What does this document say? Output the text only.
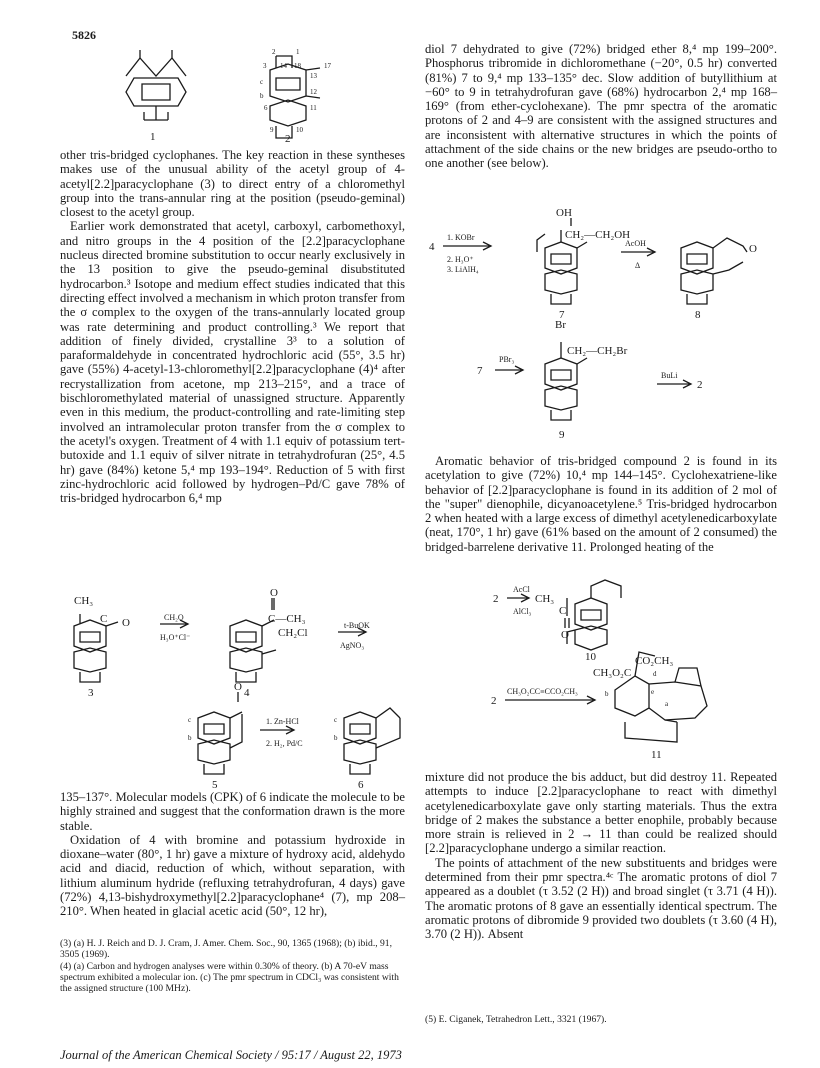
5826
1	2
2	1
3 14 18	17
13
12
c
b
6	11
9	10

other tris-bridged cyclophanes. The key reaction in these syntheses makes use of the unusual ability of the acetyl group of 4-acetyl[2.2]paracyclophane (3) to direct entry of a chloromethyl group into the trans-annular ring at the position (pseudo-geminal) closest to the acetyl group.

Earlier work demonstrated that acetyl, carboxyl, carbomethoxyl, and nitro groups in the 4 position of the [2.2]paracyclophane nucleus directed bromine substitution to occur nearly exclusively in the 13 position to give the pseudo-geminal disubstituted hydrocarbon.³ Isotope and medium effect studies indicated that this directing effect involved a mechanism in which proton transfer from the σ complex to the oxygen of the trans-annularly located group was rate determining and product controlling.³ We report that addition of finely divided, crystalline 3³ to a solution of paraformaldehyde in concentrated hydrochloric acid (55°, 3.5 hr) gave (55%) 4-acetyl-13-chloromethyl[2.2]paracyclophane (4)⁴ after recrystallization from acetone, mp 213–215°, and a trace of bischloromethylated material of unassigned structure. Apparently even in this medium, the product-controlling and rate-limiting step involved an intramolecular proton transfer from the σ complex to the acetyl's oxygen. Treatment of 4 with 1.1 equiv of potassium tert-butoxide and 1.1 equiv of silver nitrate in tetrahydrofuran (25°, 4.5 hr) gave (84%) ketone 5,⁴ mp 193–194°. Reduction of 5 with first zinc-hydrochloric acid followed by hydrogen–Pd/C gave 78% of tris-bridged hydrocarbon 6,⁴ mp

CH₃
C O	CH₂O
H₃O⁺Cl⁻
O
C—CH₃
CH₂Cl
t-BuOK
AgNO₃
3	4
O
1. Zn-HCl
2. H₂, Pd/C
5	6
c
b
c
b

135–137°. Molecular models (CPK) of 6 indicate the molecule to be highly strained and suggest that the conformation drawn is the more stable.

Oxidation of 4 with bromine and potassium hydroxide in dioxane–water (80°, 1 hr) gave a mixture of hydroxy acid, aldehydo acid and diacid, reduction of which, without separation, with lithium aluminum hydride (refluxing tetrahydrofuran, 4 days) gave (72%) 4,13-bishydroxymethyl[2.2]paracyclophane⁴ (7), mp 208–210°. When heated in glacial acetic acid (50°, 12 hr),

(3) (a) H. J. Reich and D. J. Cram, J. Amer. Chem. Soc., 90, 1365 (1968); (b) ibid., 91, 3505 (1969).
(4) (a) Carbon and hydrogen analyses were within 0.30% of theory. (b) A 70-eV mass spectrum exhibited a molecular ion. (c) The pmr spectrum in CDCl₃ was consistent with the assigned structure (100 MHz).

diol 7 dehydrated to give (72%) bridged ether 8,⁴ mp 199–200°. Phosphorus tribromide in dichloromethane (−20°, 0.5 hr) converted (81%) 7 to 9,⁴ mp 133–135° dec. Slow addition of butyllithium at −60° to 9 in tetrahydrofuran gave (68%) hydrocarbon 2,⁴ mp 168–169° (from ether-cyclohexane). The pmr spectra of the aromatic protons of 2 and 4–9 are consistent with the assigned structures and are inconsistent with alternative structures in which the points of attachment of the side chains or the new bridges are pseudo-ortho to one another (see below).

OH
CH₂—CH₂OH
4
1. KOBr
2. H₃O⁺
3. LiAlH₄
AcOH
Δ
7	8
O
Br
CH₂—CH₂Br
PBr₃
7	BuLi
2
9

Aromatic behavior of tris-bridged compound 2 is found in its acetylation to give (72%) 10,⁴ mp 144–145°. Cyclohexatriene-like behavior of [2.2]paracyclophane is found in its addition of 2 mol of the "super" dienophile, dicyanoacetylene.⁵ Tris-bridged hydrocarbon 2 when heated with a large excess of dimethyl acetylenedicarboxylate (neat, 170°, 1 hr) gave (61% based on the amount of 2 consumed) the bridged-barrelene derivative 11. Prolonged heating of the

AcCl
AlCl₃
2	CH₃
C
O
10	CO₂CH₃
CH₃O₂C
CH₃O₂CC≡CCO₂CH₃
2
b
d
e
a
11

mixture did not produce the bis adduct, but did destroy 11. Repeated attempts to induce [2.2]paracyclophane to react with dimethyl acetylenedicarboxylate gave only starting materials. Thus the extra bridge of 2 makes the substance a better enophile, probably because more strain is relieved in 2 → 11 than could be realized should [2.2]paracyclophane undergo a similar reaction.

The points of attachment of the new substituents and bridges were determined from their pmr spectra.⁴ᶜ The aromatic protons of diol 7 appeared as a doublet (τ 3.52 (2 H)) and broad singlet (τ 3.71 (4 H)). The aromatic protons of 8 gave an essentially identical spectrum. The aromatic protons of dibromide 9 provided two doublets (τ 3.60 (4 H), 3.70 (2 H)). Absent

(5) E. Ciganek, Tetrahedron Lett., 3321 (1967).
Journal of the American Chemical Society / 95:17 / August 22, 1973
